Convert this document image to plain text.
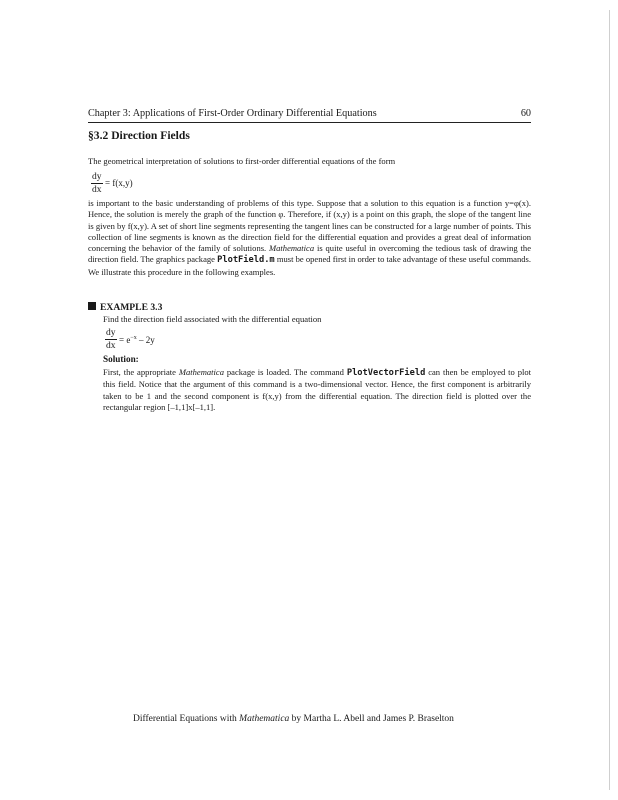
Chapter 3: Applications of First-Order Ordinary Differential Equations	60
§3.2 Direction Fields
The geometrical interpretation of solutions to first-order differential equations of the form
dy
dx
= f(x,y)
is important to the basic understanding of problems of this type. Suppose that a solution to this equation is a function y=φ(x). Hence, the solution is merely the graph of the function φ. Therefore, if (x,y) is a point on this graph, the slope of the tangent line is given by f(x,y). A set of short line segments representing the tangent lines can be constructed for a large number of points. This collection of line segments is known as the direction field for the differential equation and provides a great deal of information concerning the behavior of the family of solutions. Mathematica is quite useful in overcoming the tedious task of drawing the direction field. The graphics package PlotField.m must be opened first in order to take advantage of these useful commands. We illustrate this procedure in the following examples.
EXAMPLE 3.3
Find the direction field associated with the differential equation
dy
dx
= $e^{-x} - 2y$
Solution:
First, the appropriate Mathematica package is loaded. The command PlotVectorField can then be employed to plot this field. Notice that the argument of this command is a two-dimensional vector. Hence, the first component is arbitrarily taken to be 1 and the second component is f(x,y) from the differential equation. The direction field is plotted over the rectangular region [–1,1]x[–1,1].
Differential Equations with Mathematica by Martha L. Abell and James P. Braselton
